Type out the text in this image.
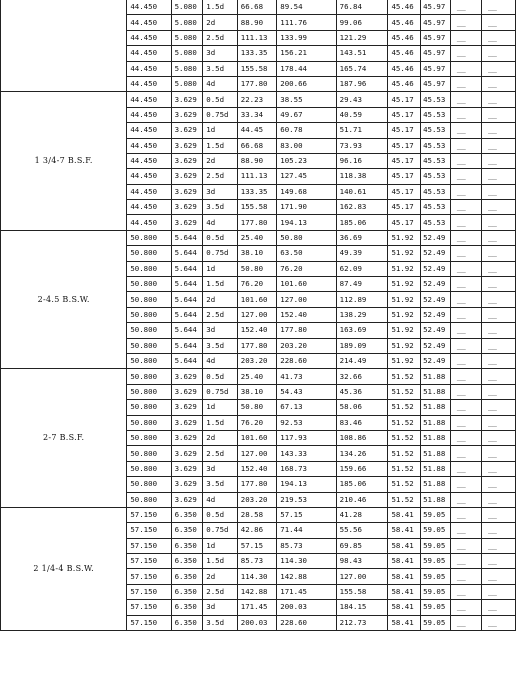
	44.450	5.080	1.5d	66.68	89.54	76.84	45.46	45.97	__	__
	44.450	5.080	2d	88.90	111.76	99.06	45.46	45.97	__	__
	44.450	5.080	2.5d	111.13	133.99	121.29	45.46	45.97	__	__
	44.450	5.080	3d	133.35	156.21	143.51	45.46	45.97	__	__
	44.450	5.080	3.5d	155.58	178.44	165.74	45.46	45.97	__	__
	44.450	5.080	4d	177.80	200.66	187.96	45.46	45.97	__	__
1 3/4-7 B.S.F.	44.450	3.629	0.5d	22.23	38.55	29.43	45.17	45.53	__	__
	44.450	3.629	0.75d	33.34	49.67	40.59	45.17	45.53	__	__
	44.450	3.629	1d	44.45	60.78	51.71	45.17	45.53	__	__
	44.450	3.629	1.5d	66.68	83.00	73.93	45.17	45.53	__	__
	44.450	3.629	2d	88.90	105.23	96.16	45.17	45.53	__	__
	44.450	3.629	2.5d	111.13	127.45	118.38	45.17	45.53	__	__
	44.450	3.629	3d	133.35	149.68	140.61	45.17	45.53	__	__
	44.450	3.629	3.5d	155.58	171.90	162.83	45.17	45.53	__	__
	44.450	3.629	4d	177.80	194.13	185.06	45.17	45.53	__	__
2-4.5 B.S.W.	50.800	5.644	0.5d	25.40	50.80	36.69	51.92	52.49	__	__
	50.800	5.644	0.75d	38.10	63.50	49.39	51.92	52.49	__	__
	50.800	5.644	1d	50.80	76.20	62.09	51.92	52.49	__	__
	50.800	5.644	1.5d	76.20	101.60	87.49	51.92	52.49	__	__
	50.800	5.644	2d	101.60	127.00	112.89	51.92	52.49	__	__
	50.800	5.644	2.5d	127.00	152.40	138.29	51.92	52.49	__	__
	50.800	5.644	3d	152.40	177.80	163.69	51.92	52.49	__	__
	50.800	5.644	3.5d	177.80	203.20	189.09	51.92	52.49	__	__
	50.800	5.644	4d	203.20	228.60	214.49	51.92	52.49	__	__
2-7 B.S.F.	50.800	3.629	0.5d	25.40	41.73	32.66	51.52	51.88	__	__
	50.800	3.629	0.75d	38.10	54.43	45.36	51.52	51.88	__	__
	50.800	3.629	1d	50.80	67.13	58.06	51.52	51.88	__	__
	50.800	3.629	1.5d	76.20	92.53	83.46	51.52	51.88	__	__
	50.800	3.629	2d	101.60	117.93	108.86	51.52	51.88	__	__
	50.800	3.629	2.5d	127.00	143.33	134.26	51.52	51.88	__	__
	50.800	3.629	3d	152.40	168.73	159.66	51.52	51.88	__	__
	50.800	3.629	3.5d	177.80	194.13	185.06	51.52	51.88	__	__
	50.800	3.629	4d	203.20	219.53	210.46	51.52	51.88	__	__
2 1/4-4 B.S.W.	57.150	6.350	0.5d	28.58	57.15	41.28	58.41	59.05	__	__
	57.150	6.350	0.75d	42.86	71.44	55.56	58.41	59.05	__	__
	57.150	6.350	1d	57.15	85.73	69.85	58.41	59.05	__	__
	57.150	6.350	1.5d	85.73	114.30	98.43	58.41	59.05	__	__
	57.150	6.350	2d	114.30	142.88	127.00	58.41	59.05	__	__
	57.150	6.350	2.5d	142.88	171.45	155.58	58.41	59.05	__	__
	57.150	6.350	3d	171.45	200.03	184.15	58.41	59.05	__	__
	57.150	6.350	3.5d	200.03	228.60	212.73	58.41	59.05	__	__
